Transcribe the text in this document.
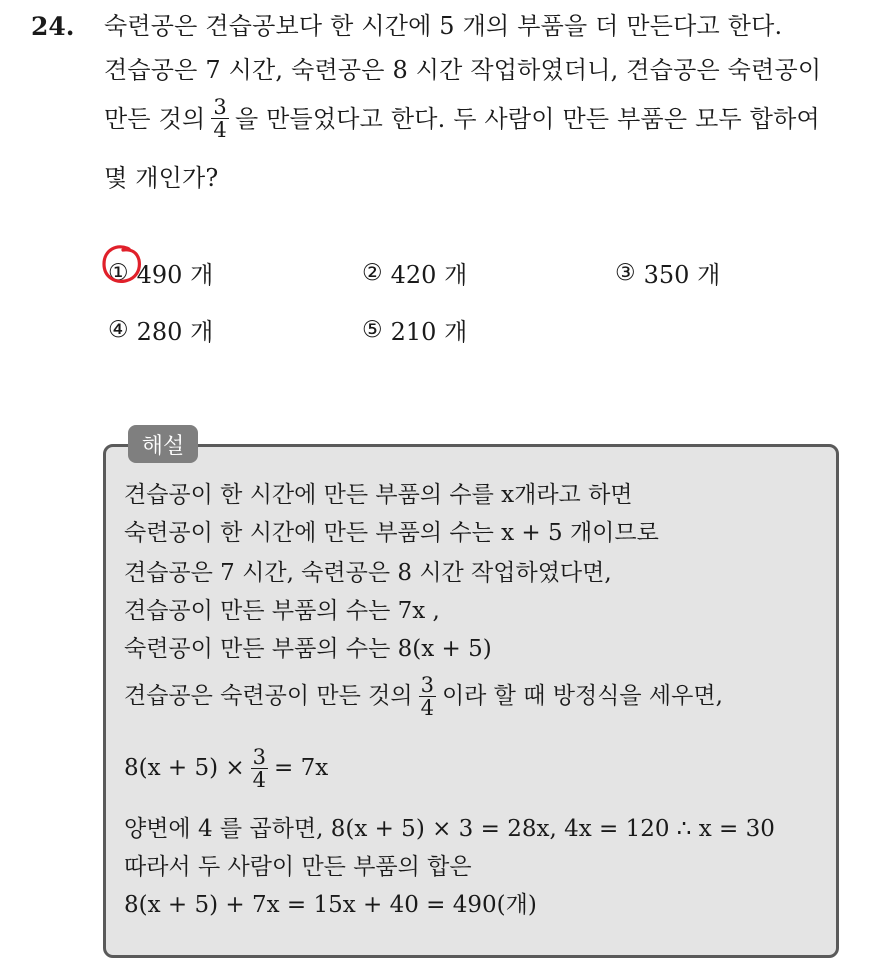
24. 숙련공은 견습공보다 한 시간에 5 개의 부품을 더 만든다고 한다.
견습공은 7 시간, 숙련공은 8 시간 작업하였더니, 견습공은 숙련공이
만든 것의 $\frac{3}{4}$ 을 만들었다고 한다. 두 사람이 만든 부품은 모두 합하여
몇 개인가?
① 490 개	② 420 개	③ 350 개
④ 280 개	⑤ 210 개
해설
견습공이 한 시간에 만든 부품의 수를 x개라고 하면
숙련공이 한 시간에 만든 부품의 수는 x + 5 개이므로
견습공은 7 시간, 숙련공은 8 시간 작업하였다면,
견습공이 만든 부품의 수는 7x ,
숙련공이 만든 부품의 수는 8(x + 5)
견습공은 숙련공이 만든 것의 $\frac{3}{4}$ 이라 할 때 방정식을 세우면,
$8(x + 5) \times \frac{3}{4} = 7x$
양변에 4 를 곱하면, 8(x + 5) × 3 = 28x, 4x = 120 ∴ x = 30
따라서 두 사람이 만든 부품의 합은
8(x + 5) + 7x = 15x + 40 = 490(개)
